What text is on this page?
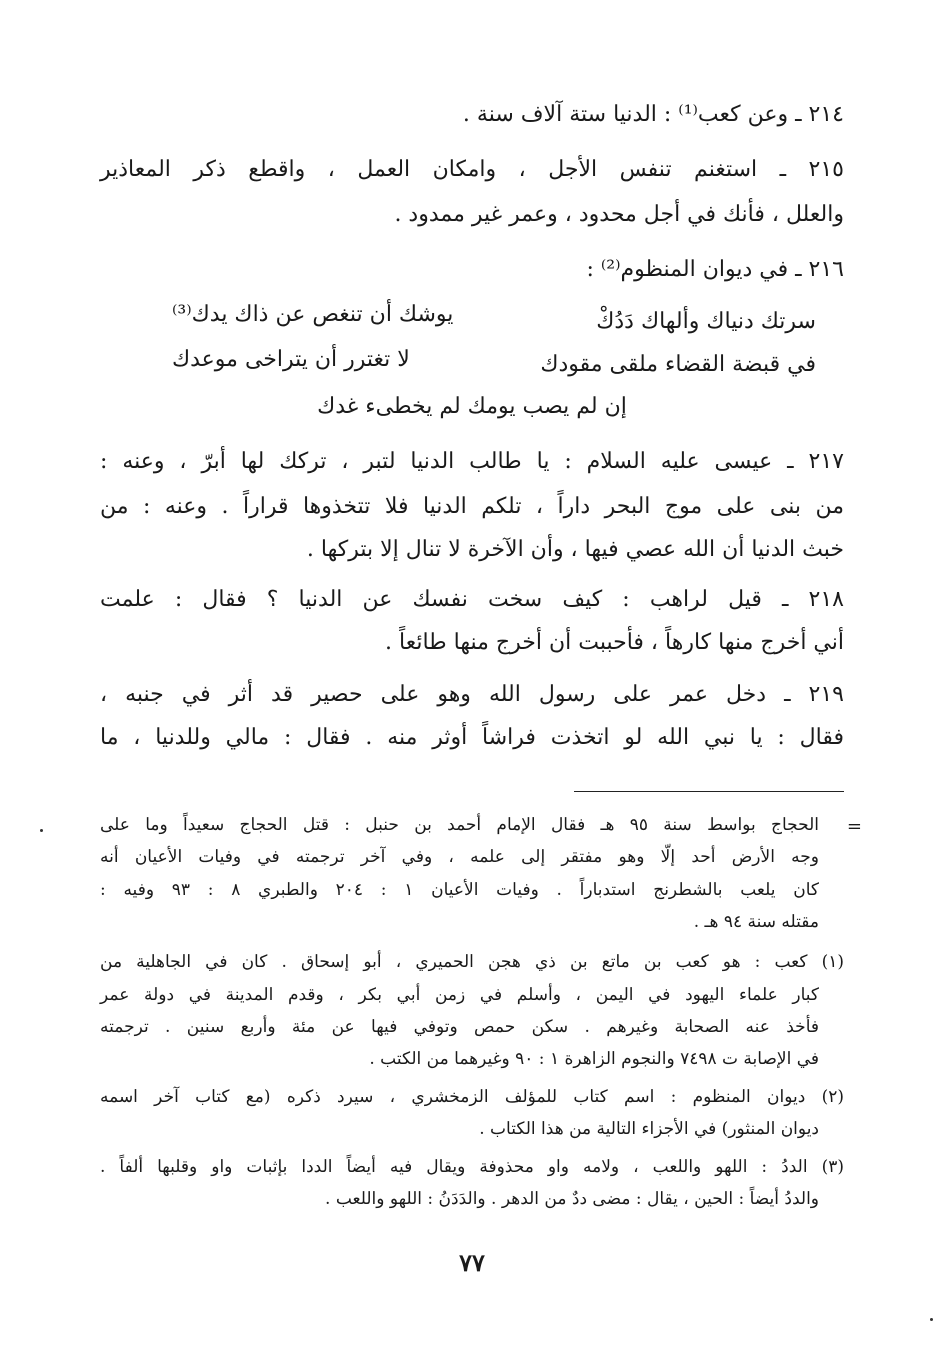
٢١٤ ـ وعن كعب⁽¹⁾ : الدنيا ستة آلاف سنة .
٢١٥ ـ استغنم تنفس الأجل ، وامكان العمل ، واقطع ذكر المعاذير
والعلل ، فأنك في أجل محدود ، وعمر غير ممدود .
٢١٦ ـ في ديوان المنظوم⁽²⁾ :
سرتك دنياك وألهاك دَدُكْ
يوشك أن تنغص عن ذاك يدك⁽³⁾
في قبضة القضاء ملقى مقودك
لا تغترر أن يتراخى موعدك
إن لم يصب يومك لم يخطىء غدك
٢١٧ ـ عيسى عليه السلام : يا طالب الدنيا لتبر ، تركك لها أبرّ ، وعنه :
من بنى على موج البحر داراً ، تلكم الدنيا فلا تتخذوها قراراً . وعنه : من
خبث الدنيا أن الله عصي فيها ، وأن الآخرة لا تنال إلا بتركها .
٢١٨ ـ قيل لراهب : كيف سخت نفسك عن الدنيا ؟ فقال : علمت
أني أخرج منها كارهاً ، فأحببت أن أخرج منها طائعاً .
٢١٩ ـ دخل عمر على رسول الله وهو على حصير قد أثر في جنبه ،
فقال : يا نبي الله لو اتخذت فراشاً أوثر منه . فقال : مالي وللدنيا ، ما
=
الحجاج بواسط سنة ٩٥ هـ فقال الإمام أحمد بن حنبل : قتل الحجاج سعيداً وما على
وجه الأرض أحد إلّا وهو مفتقر إلى علمه ، وفي آخر ترجمته في وفيات الأعيان أنه
كان يلعب بالشطرنج استدباراً . وفيات الأعيان ١ : ٢٠٤ والطبري ٨ : ٩٣ وفيه :
مقتله سنة ٩٤ هـ .
(١) كعب : هو كعب بن ماتع بن ذي هجن الحميري ، أبو إسحاق . كان في الجاهلية من
كبار علماء اليهود في اليمن ، وأسلم في زمن أبي بكر ، وقدم المدينة في دولة عمر
فأخذ عنه الصحابة وغيرهم . سكن حمص وتوفي فيها عن مئة وأربع سنين . ترجمته
في الإصابة ت ٧٤٩٨ والنجوم الزاهرة ١ : ٩٠ وغيرهما من الكتب .
(٢) ديوان المنظوم : اسم كتاب للمؤلف الزمخشري ، سيرد ذكره (مع كتاب آخر اسمه
ديوان المنثور) في الأجزاء التالية من هذا الكتاب .
(٣) الددُ : اللهو واللعب ، ولامه واو محذوفة ويقال فيه أيضاً الددا بإثبات واو وقلبها ألفاً .
والددُ أيضاً : الحين ، يقال : مضى ددٌ من الدهر . والدَدَنُ : اللهو واللعب .
٧٧
